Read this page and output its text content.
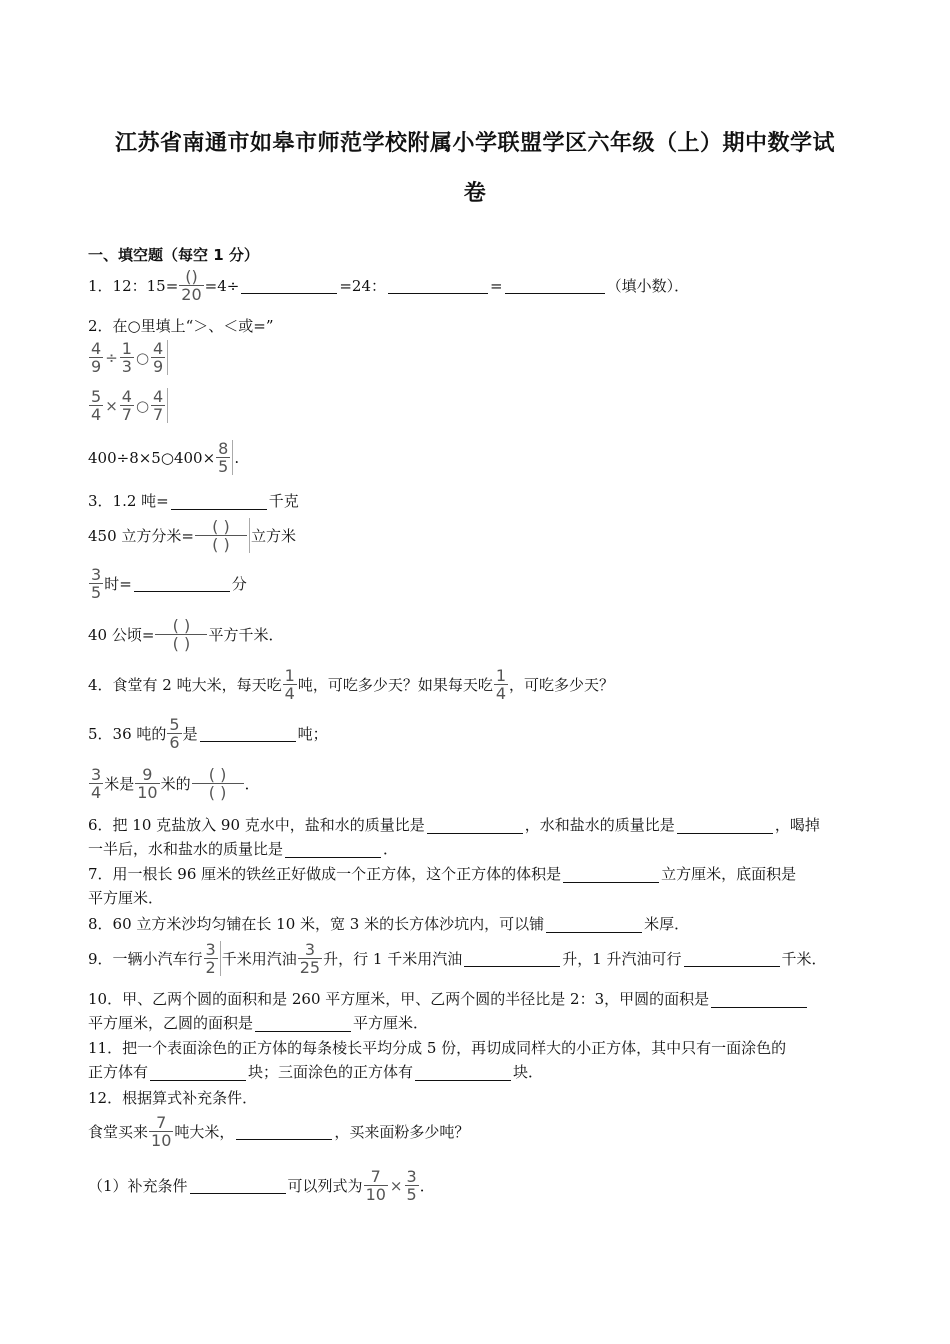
江苏省南通市如皋市师范学校附属小学联盟学区六年级（上）期中数学试
卷
一、填空题（每空 1 分）
1．12：$15= \frac{()}{20} =4\div$	=24：	=	（填小数）．
2．在○里填上“＞、＜或=”
$\frac{4}{9} \div \frac{1}{3}$ ○ $\frac{4}{9}$
$\frac{5}{4} \times \frac{4}{7}$ ○ $\frac{4}{7}$
400÷8×5○400× $\frac{8}{5}$ .
3．1.2 吨=	千克
450 立方分米= $\frac{( )}{( )}$ 立方米
$\frac{3}{5}$ 时=	分
40 公顷= $\frac{( )}{( )}$ 平方千米．
4．食堂有 2 吨大米，每天吃 $\frac{1}{4}$ 吨，可吃多少天？如果每天吃 $\frac{1}{4}$ ，可吃多少天？
5．36 吨的 $\frac{5}{6}$ 是	吨；
$\frac{3}{4}$ 米是 $\frac{9}{10}$ 米的 $\frac{( )}{( )}$ ．
6．把 10 克盐放入 90 克水中，盐和水的质量比是	，水和盐水的质量比是	，喝掉
一半后，水和盐水的质量比是	．
7．用一根长 96 厘米的铁丝正好做成一个正方体，这个正方体的体积是	立方厘米，底面积是
平方厘米．
8．60 立方米沙均匀铺在长 10 米，宽 3 米的长方体沙坑内，可以铺	米厚．
9．一辆小汽车行 $\frac{3}{2}$ 千米用汽油 $\frac{3}{25}$ 升，行 1 千米用汽油	升，1 升汽油可行	千米．
10．甲、乙两个圆的面积和是 260 平方厘米，甲、乙两个圆的半径比是 2：3，甲圆的面积是
平方厘米，乙圆的面积是	平方厘米．
11．把一个表面涂色的正方体的每条棱长平均分成 5 份，再切成同样大的小正方体，其中只有一面涂色的
正方体有	块；三面涂色的正方体有	块．
12．根据算式补充条件．
食堂买来 $\frac{7}{10}$ 吨大米，	，买来面粉多少吨？
（1）补充条件	可以列式为 $\frac{7}{10} \times \frac{3}{5}$ ．
